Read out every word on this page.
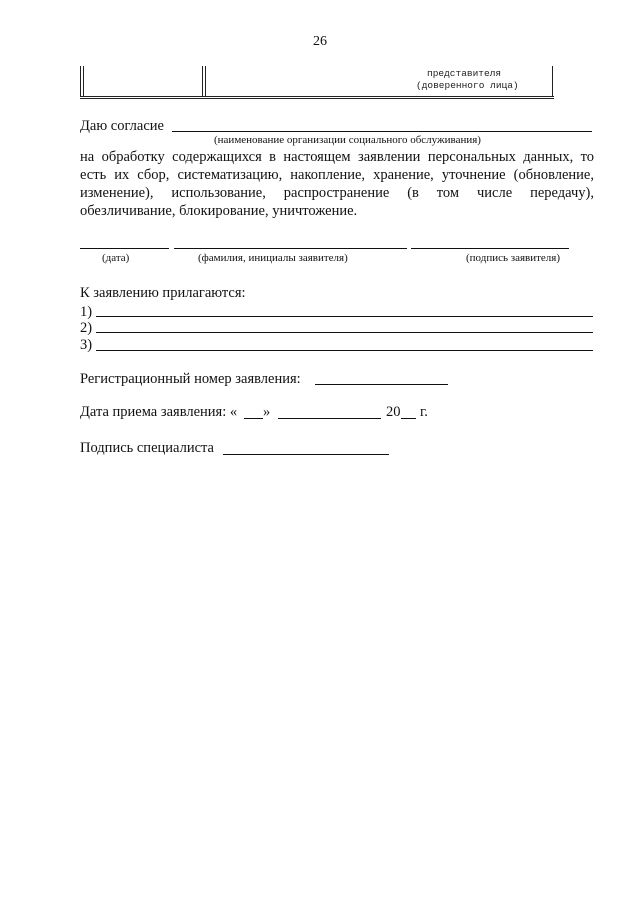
26
представителя
(доверенного лица)
Даю согласие
(наименование организации социального обслуживания)
на обработку содержащихся в настоящем заявлении персональных данных, то
есть их сбор, систематизацию, накопление, хранение, уточнение (обновление,
изменение), использование, распространение (в том числе передачу),
обезличивание, блокирование, уничтожение.
(дата)	(фамилия, инициалы заявителя)	(подпись заявителя)
К заявлению прилагаются:
1)
2)
3)
Регистрационный номер заявления:
Дата приема заявления: « »	20 г.
Подпись специалиста
